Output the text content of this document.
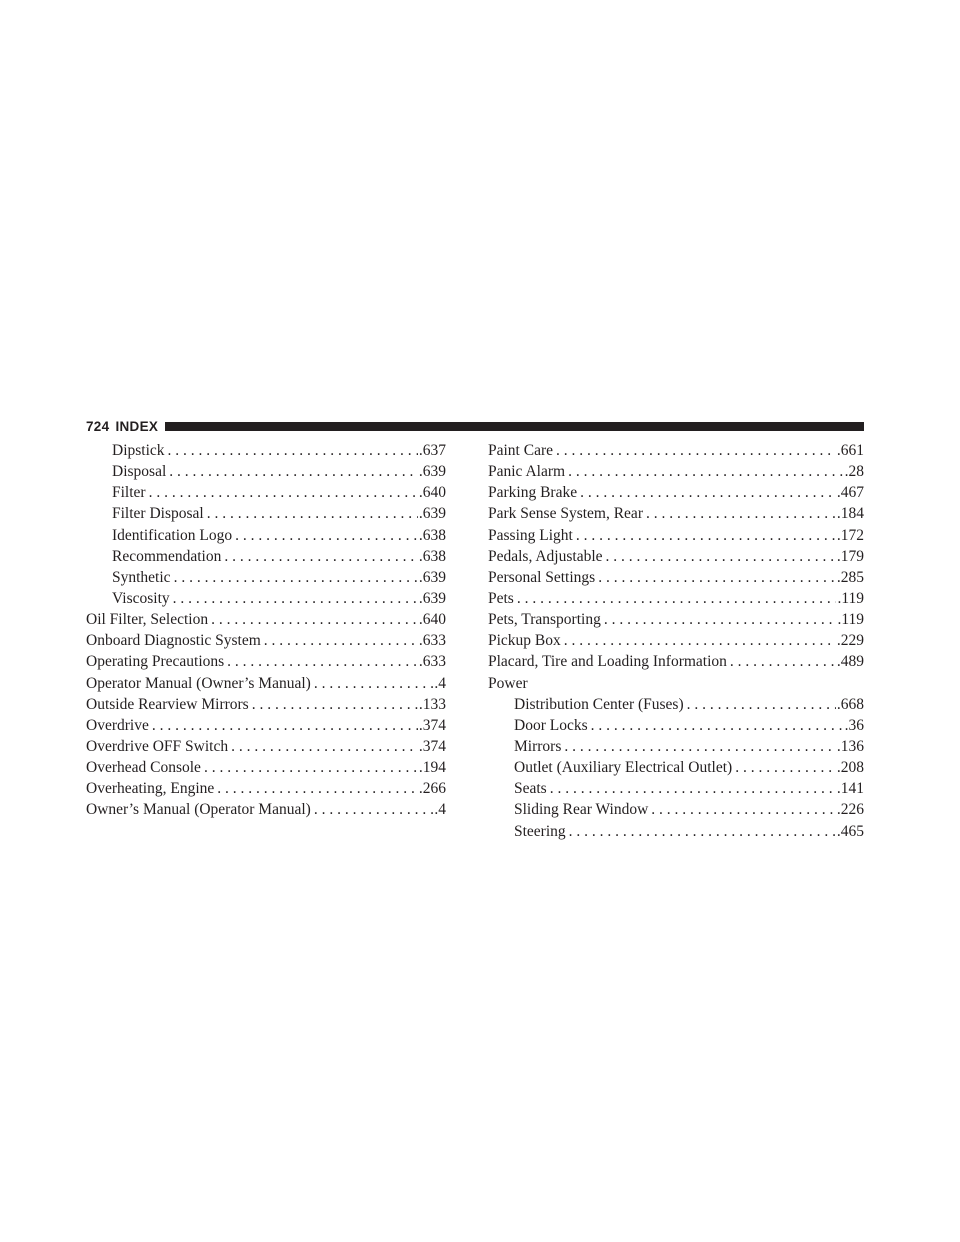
724 INDEX
Dipstick . . .	.637
Disposal . . .	.639
Filter . . .	.640
Filter Disposal . . .	.639
Identification Logo . . .	.638
Recommendation . . .	.638
Synthetic . . .	.639
Viscosity . . .	.639
Oil Filter, Selection . . .	.640
Onboard Diagnostic System . . .	.633
Operating Precautions . . .	.633
Operator Manual (Owner’s Manual) . . .	.4
Outside Rearview Mirrors . . .	.133
Overdrive . . .	.374
Overdrive OFF Switch . . .	.374
Overhead Console . . .	.194
Overheating, Engine . . .	.266
Owner’s Manual (Operator Manual) . . .	.4
Paint Care . . .	.661
Panic Alarm . . .	.28
Parking Brake . . .	.467
Park Sense System, Rear . . .	.184
Passing Light . . .	.172
Pedals, Adjustable . . .	.179
Personal Settings . . .	.285
Pets . . .	.119
Pets, Transporting . . .	.119
Pickup Box . . .	.229
Placard, Tire and Loading Information . . .	.489
Power
Distribution Center (Fuses) . . .	.668
Door Locks . . .	.36
Mirrors . . .	.136
Outlet (Auxiliary Electrical Outlet) . . .	.208
Seats . . .	.141
Sliding Rear Window . . .	.226
Steering . . .	.465
